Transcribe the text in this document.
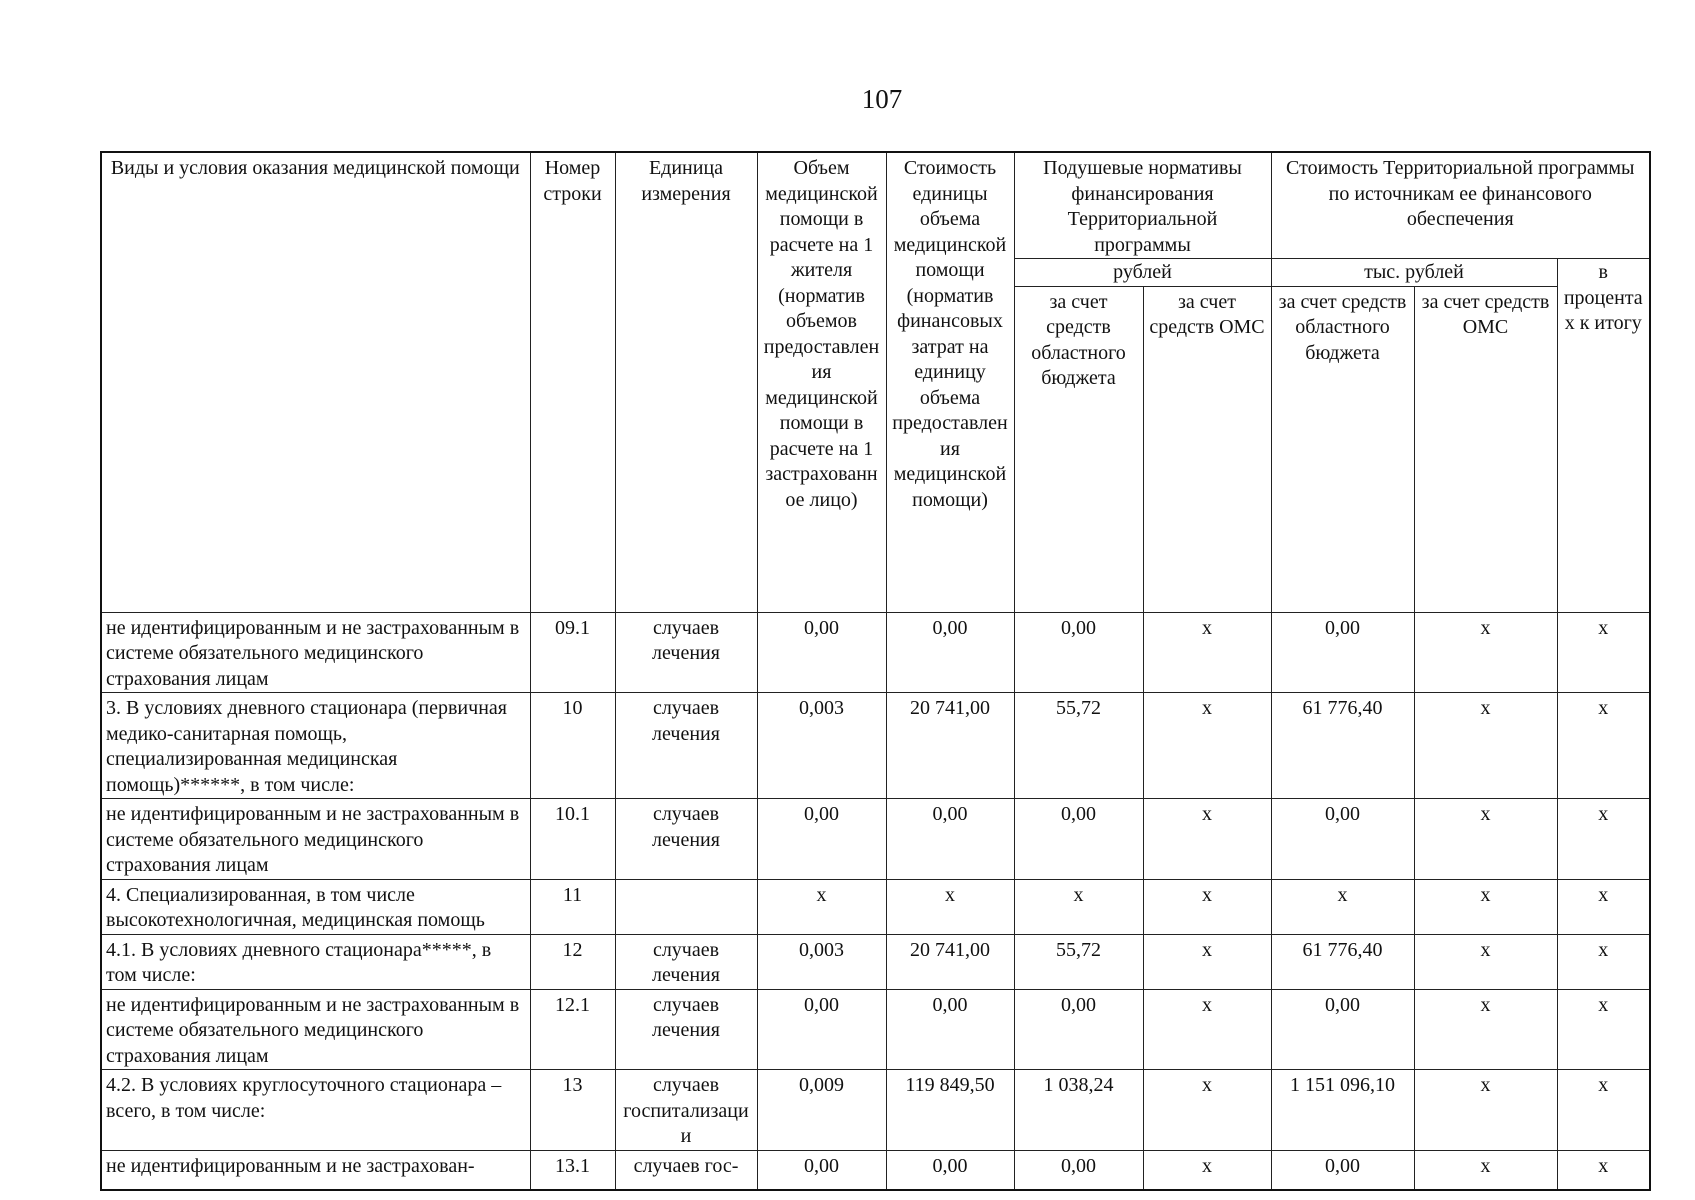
107
Виды и условия оказания медицинской помощи	Номер строки	Единица измерения	Объем медицинской помощи в расчете на 1 жителя (норматив объемов предоставления медицинской помощи в расчете на 1 застрахованное лицо)	Стоимость единицы объема медицинской помощи (норматив финансовых затрат на единицу объема предоставления медицинской помощи)	Подушевые нормативы финансирования Территориальной программы		Стоимость Территориальной программы по источникам ее финансового обеспечения		
					рублей		тыс. рублей		в процентах к итогу
					за счет средств областного бюджета	за счет средств ОМС	за счет средств областного бюджета	за счет средств ОМС	
не идентифицированным и не застрахованным в системе обязательного медицинского страхования лицам	09.1	случаев лечения	0,00	0,00	0,00	х	0,00	х	х
3. В условиях дневного стационара (первичная медико-санитарная помощь, специализированная медицинская помощь)******, в том числе:	10	случаев лечения	0,003	20 741,00	55,72	х	61 776,40	х	х
не идентифицированным и не застрахованным в системе обязательного медицинского страхования лицам	10.1	случаев лечения	0,00	0,00	0,00	х	0,00	х	х
4. Специализированная, в том числе высокотехнологичная, медицинская помощь	11		х	х	х	х	х	х	х
4.1. В условиях дневного стационара*****, в том числе:	12	случаев лечения	0,003	20 741,00	55,72	х	61 776,40	х	х
не идентифицированным и не застрахованным в системе обязательного медицинского страхования лицам	12.1	случаев лечения	0,00	0,00	0,00	х	0,00	х	х
4.2. В условиях круглосуточного стационара – всего, в том числе:	13	случаев госпитализации	0,009	119 849,50	1 038,24	х	1 151 096,10	х	х
не идентифицированным и не застрахован-	13.1	случаев гос-	0,00	0,00	0,00	х	0,00	х	х
